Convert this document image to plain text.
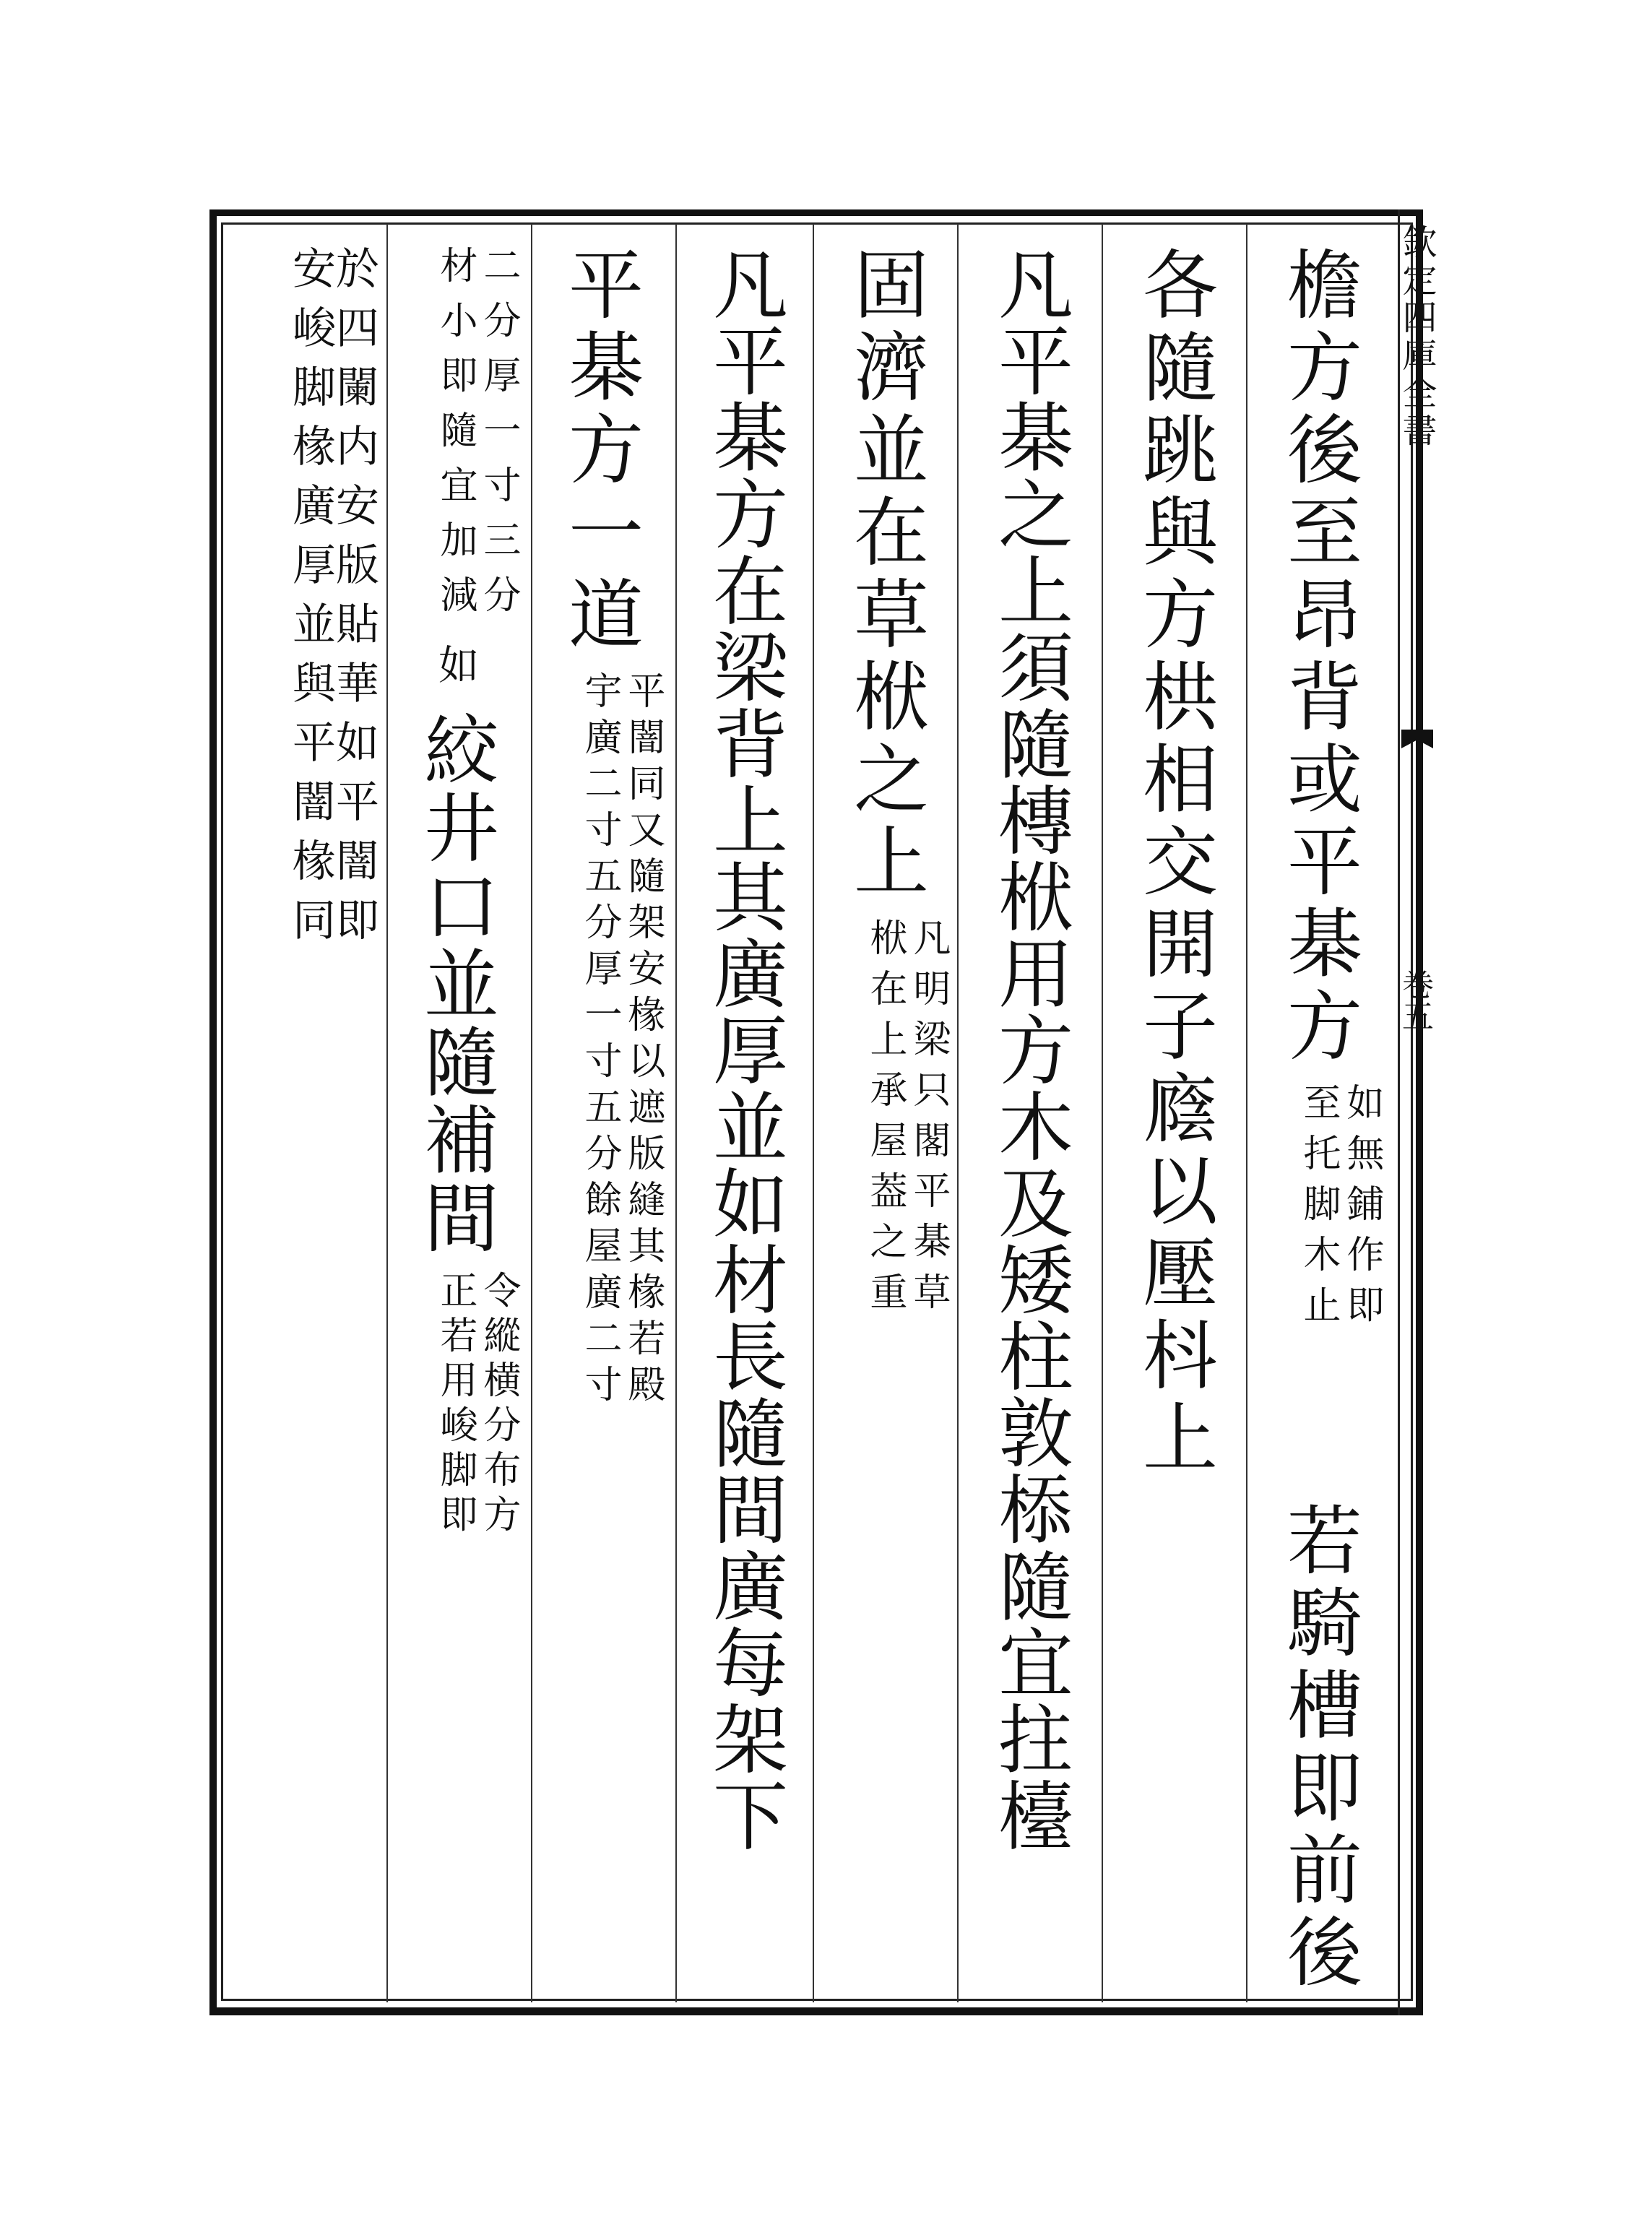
欽定四庫全書
卷五
檐方後至昂背或平棊方
如無鋪作即
至托脚木止
若騎槽即前後
各隨跳與方栱相交開子廕以壓枓上
凡平棊之上須隨槫栿用方木及矮柱敦㮇隨宜拄檯
固濟並在草栿之上
凡明梁只閣平棊草
栿在上承屋葢之重
凡平棊方在梁背上其廣厚並如材長隨間廣每架下
平棊方一道
平闇同又隨架安椽以遮版縫其椽若殿
宇廣二寸五分厚一寸五分餘屋廣二寸
二分厚一寸三分
材小即隨宜加減
如 絞井口並隨補間
令縱横分布方
正若用峻脚即
於四闌内安版貼華如平闇即
安峻脚椽廣厚並與平闇椽同
